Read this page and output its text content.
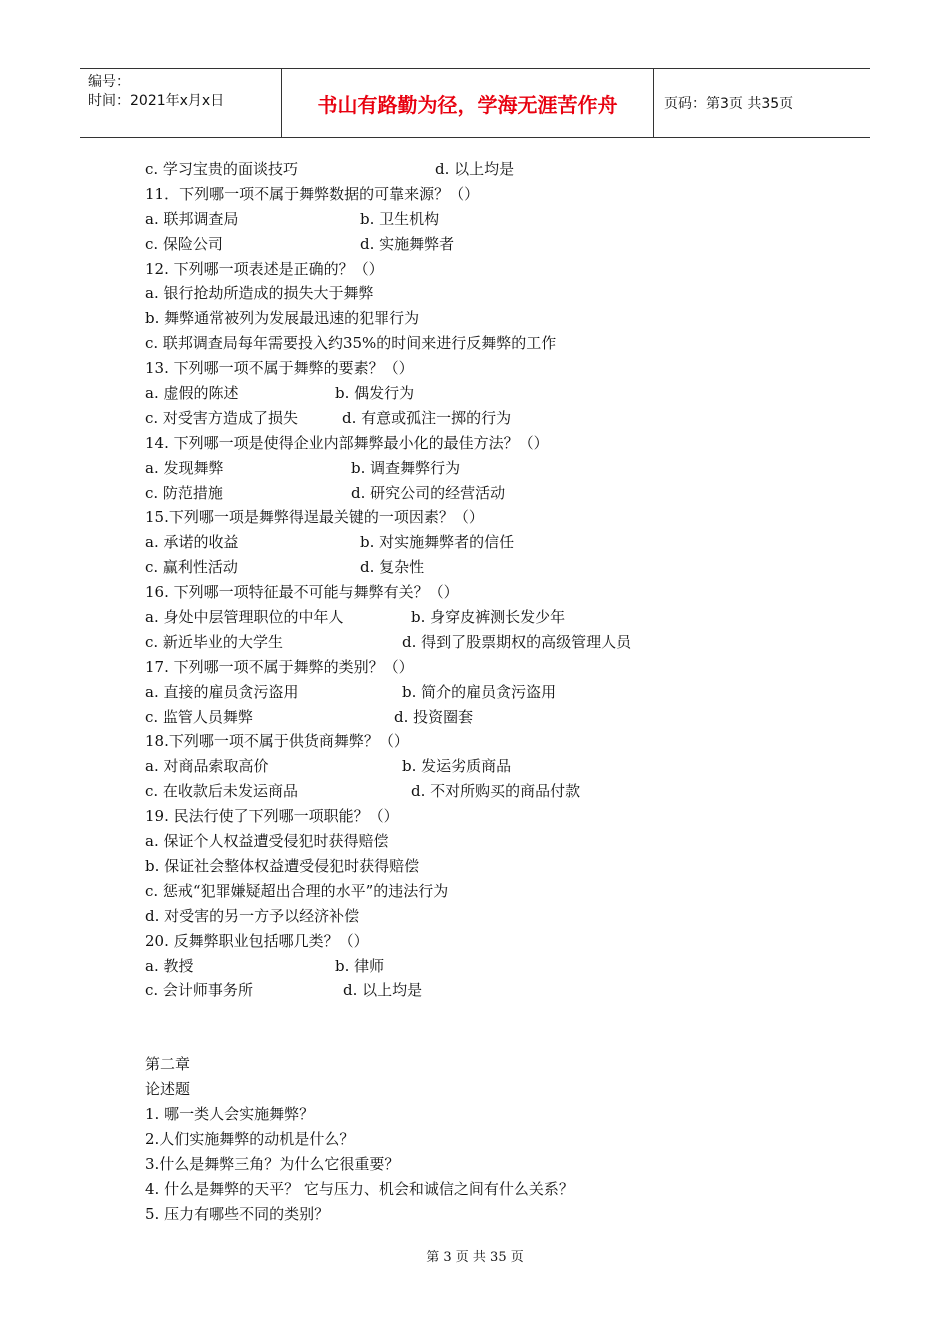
编号：
时间：2021年x月x日	书山有路勤为径，学海无涯苦作舟	页码：第3页 共35页
c. 学习宝贵的面谈技巧	d. 以上均是
11．下列哪一项不属于舞弊数据的可靠来源？（）
a. 联邦调查局	b. 卫生机构
c. 保险公司	d. 实施舞弊者
12. 下列哪一项表述是正确的？（）
a. 银行抢劫所造成的损失大于舞弊
b. 舞弊通常被列为发展最迅速的犯罪行为
c. 联邦调查局每年需要投入约35%的时间来进行反舞弊的工作
13. 下列哪一项不属于舞弊的要素？（）
a. 虚假的陈述	b. 偶发行为
c. 对受害方造成了损失	d. 有意或孤注一掷的行为
14. 下列哪一项是使得企业内部舞弊最小化的最佳方法？（）
a. 发现舞弊	b. 调查舞弊行为
c. 防范措施	d. 研究公司的经营活动
15.下列哪一项是舞弊得逞最关键的一项因素？（）
a. 承诺的收益	b. 对实施舞弊者的信任
c. 赢利性活动	d. 复杂性
16. 下列哪一项特征最不可能与舞弊有关？（）
a. 身处中层管理职位的中年人	b. 身穿皮裤测长发少年
c. 新近毕业的大学生	d. 得到了股票期权的高级管理人员
17. 下列哪一项不属于舞弊的类别？（）
a. 直接的雇员贪污盗用	b. 简介的雇员贪污盗用
c. 监管人员舞弊	d. 投资圈套
18.下列哪一项不属于供货商舞弊？（）
a. 对商品索取高价	b. 发运劣质商品
c. 在收款后未发运商品	d. 不对所购买的商品付款
19. 民法行使了下列哪一项职能？（）
a. 保证个人权益遭受侵犯时获得赔偿
b. 保证社会整体权益遭受侵犯时获得赔偿
c. 惩戒“犯罪嫌疑超出合理的水平”的违法行为
d. 对受害的另一方予以经济补偿
20. 反舞弊职业包括哪几类？（）
a. 教授	b. 律师
c. 会计师事务所	d. 以上均是
第二章
论述题
1. 哪一类人会实施舞弊？
2.人们实施舞弊的动机是什么？
3.什么是舞弊三角？为什么它很重要？
4. 什么是舞弊的天平？ 它与压力、机会和诚信之间有什么关系？
5. 压力有哪些不同的类别？
第 3 页 共 35 页
